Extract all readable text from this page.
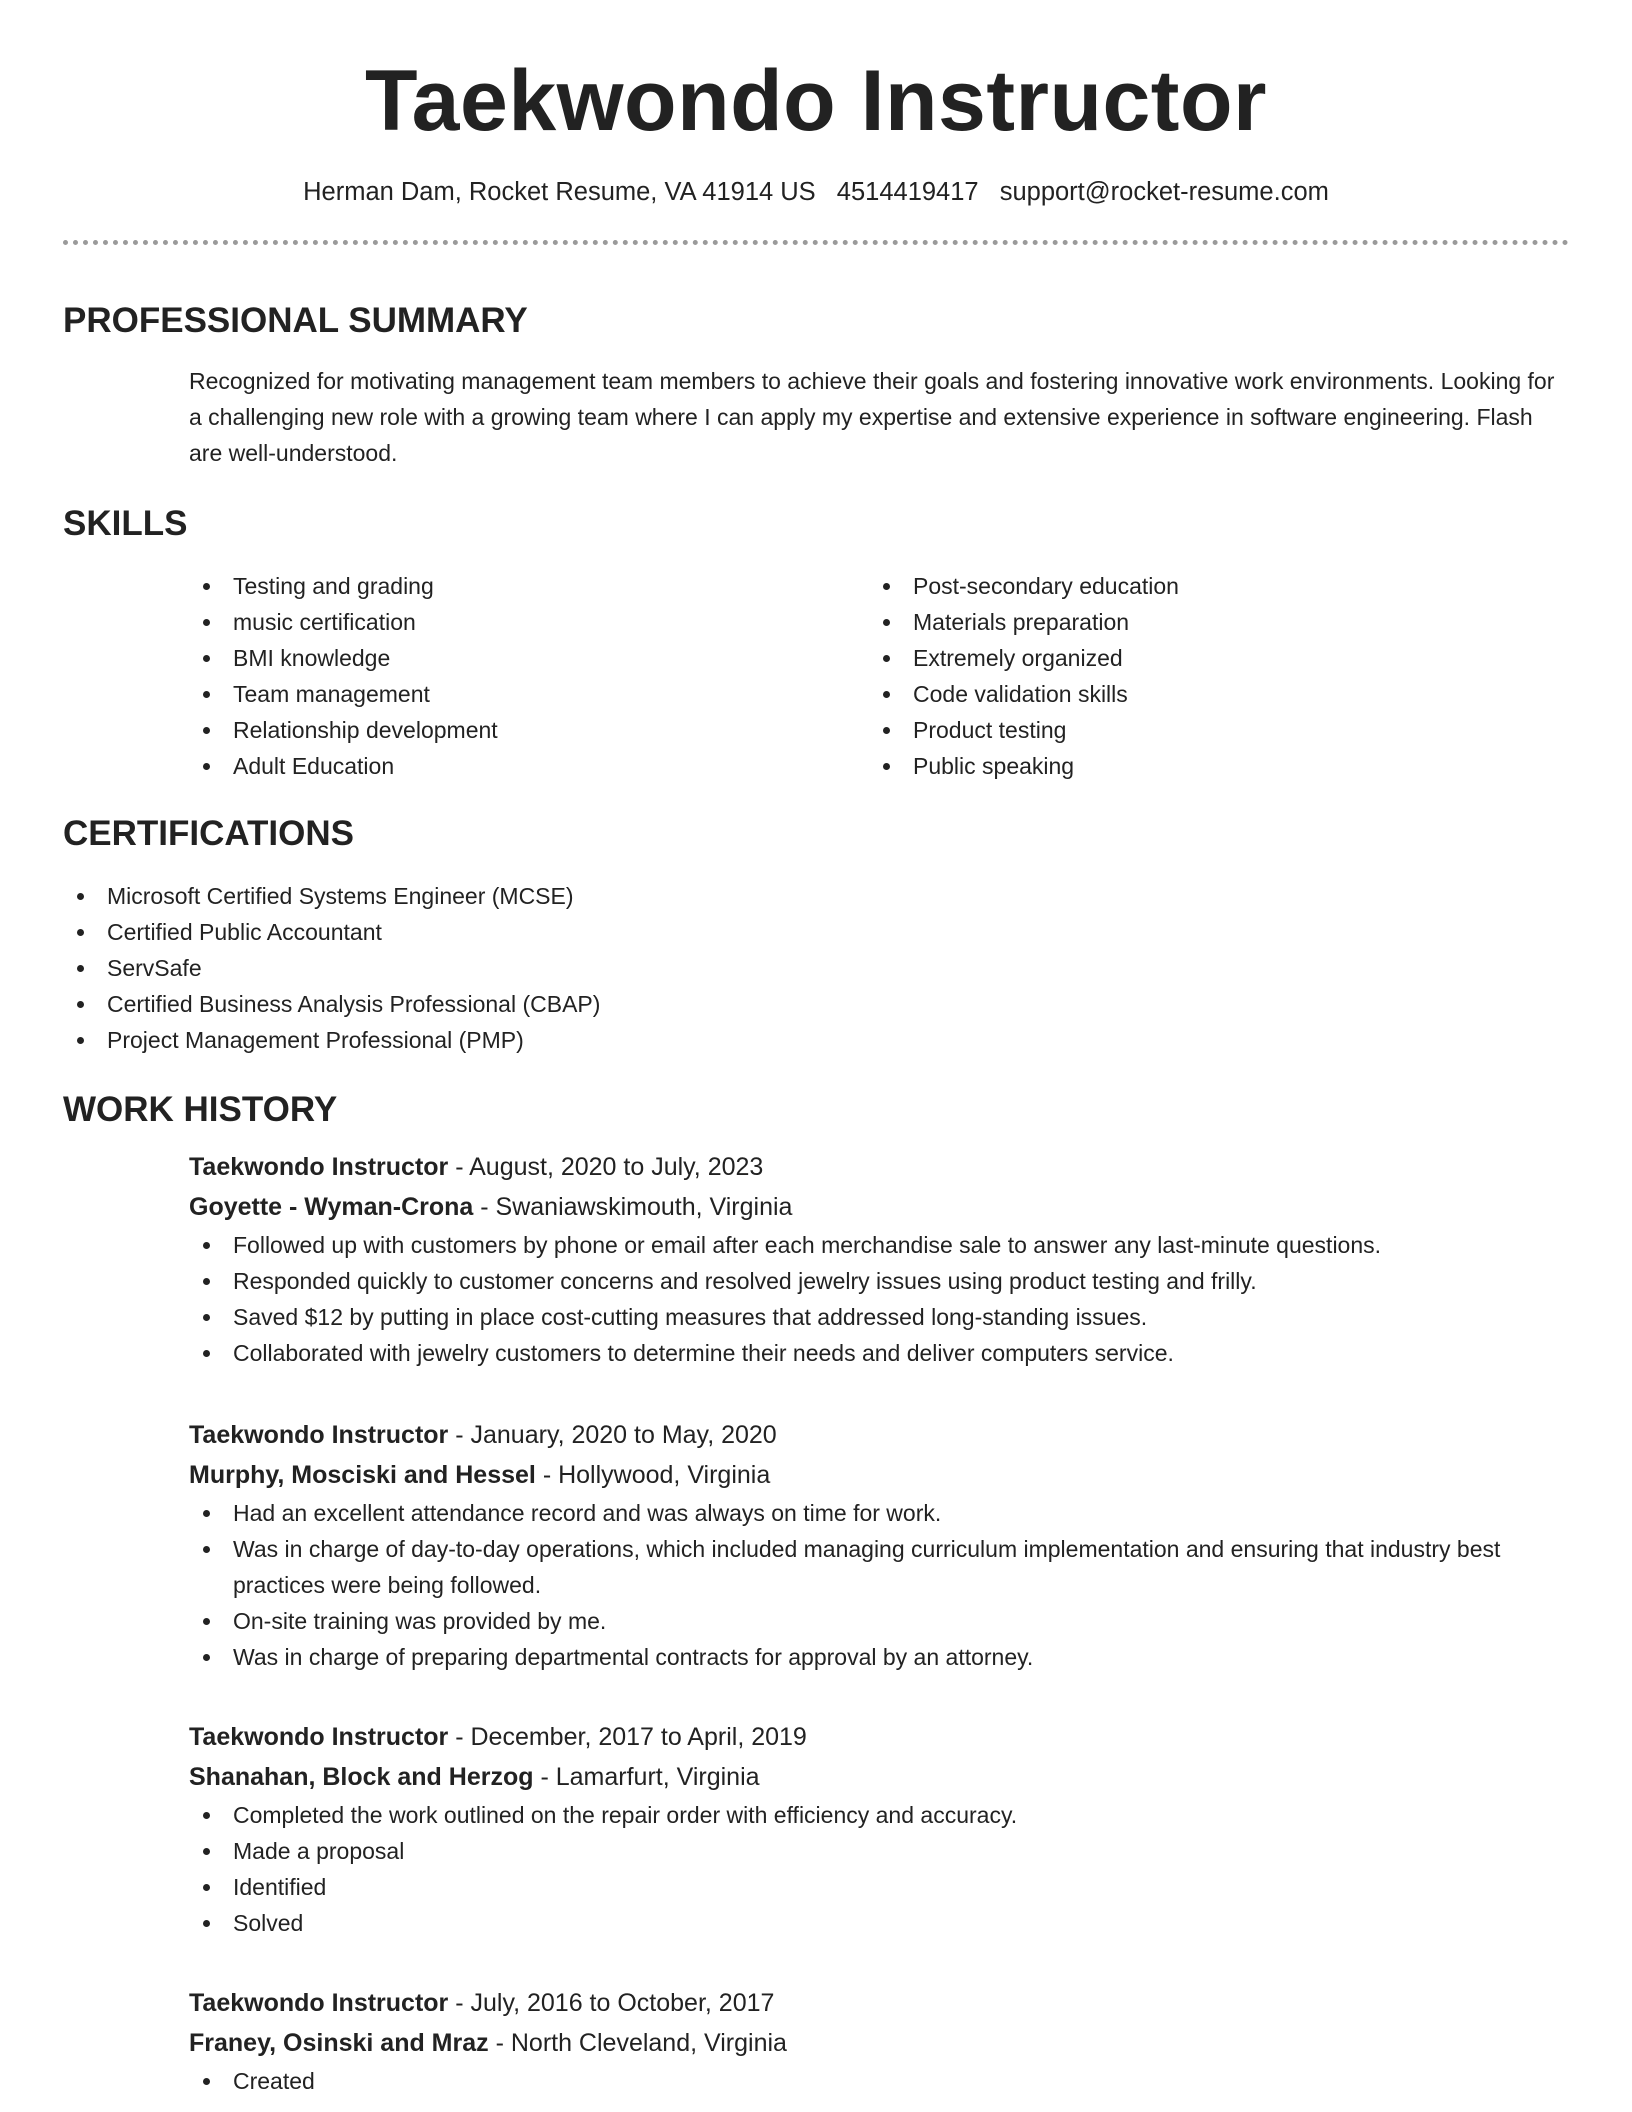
Taekwondo Instructor
Herman Dam, Rocket Resume, VA 41914 US 4514419417 support@rocket-resume.com
PROFESSIONAL SUMMARY

Recognized for motivating management team members to achieve their goals and fostering innovative work environments. Looking for a challenging new role with a growing team where I can apply my expertise and extensive experience in software engineering. Flash are well-understood.

SKILLS
Testing and grading
music certification
BMI knowledge
Team management
Relationship development
Adult Education
Post-secondary education
Materials preparation
Extremely organized
Code validation skills
Product testing
Public speaking
CERTIFICATIONS
Microsoft Certified Systems Engineer (MCSE)
Certified Public Accountant
ServSafe
Certified Business Analysis Professional (CBAP)
Project Management Professional (PMP)
WORK HISTORY
Taekwondo Instructor - August, 2020 to July, 2023
Goyette - Wyman-Crona - Swaniawskimouth, Virginia
Followed up with customers by phone or email after each merchandise sale to answer any last-minute questions.
Responded quickly to customer concerns and resolved jewelry issues using product testing and frilly.
Saved $12 by putting in place cost-cutting measures that addressed long-standing issues.
Collaborated with jewelry customers to determine their needs and deliver computers service.
Taekwondo Instructor - January, 2020 to May, 2020
Murphy, Mosciski and Hessel - Hollywood, Virginia
Had an excellent attendance record and was always on time for work.
Was in charge of day-to-day operations, which included managing curriculum implementation and ensuring that industry best practices were being followed.
On-site training was provided by me.
Was in charge of preparing departmental contracts for approval by an attorney.
Taekwondo Instructor - December, 2017 to April, 2019
Shanahan, Block and Herzog - Lamarfurt, Virginia
Completed the work outlined on the repair order with efficiency and accuracy.
Made a proposal
Identified
Solved
Taekwondo Instructor - July, 2016 to October, 2017
Franey, Osinski and Mraz - North Cleveland, Virginia
Created
